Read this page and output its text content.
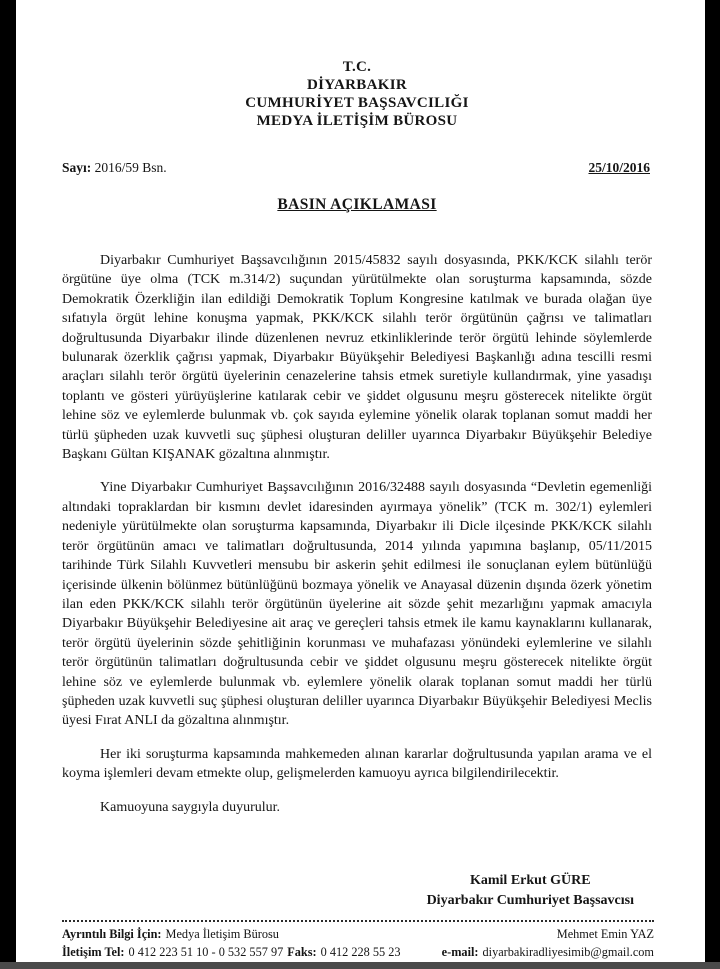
T.C.
DİYARBAKIR
CUMHURİYET BAŞSAVCILIĞI
MEDYA İLETİŞİM BÜROSU
Sayı: 2016/59 Bsn.	25/10/2016
BASIN AÇIKLAMASI

Diyarbakır Cumhuriyet Başsavcılığının 2015/45832 sayılı dosyasında, PKK/KCK silahlı terör örgütüne üye olma (TCK m.314/2) suçundan yürütülmekte olan soruşturma kapsamında, sözde Demokratik Özerkliğin ilan edildiği Demokratik Toplum Kongresine katılmak ve burada olağan üye sıfatıyla örgüt lehine konuşma yapmak, PKK/KCK silahlı terör örgütünün çağrısı ve talimatları doğrultusunda Diyarbakır ilinde düzenlenen nevruz etkinliklerinde terör örgütü lehinde söylemlerde bulunarak özerklik çağrısı yapmak, Diyarbakır Büyükşehir Belediyesi Başkanlığı adına tescilli resmi araçları silahlı terör örgütü üyelerinin cenazelerine tahsis etmek suretiyle kullandırmak, yine yasadışı toplantı ve gösteri yürüyüşlerine katılarak cebir ve şiddet olgusunu meşru gösterecek nitelikte örgüt lehine söz ve eylemlerde bulunmak vb. çok sayıda eylemine yönelik olarak toplanan somut maddi her türlü şüpheden uzak kuvvetli suç şüphesi oluşturan deliller uyarınca Diyarbakır Büyükşehir Belediye Başkanı Gültan KIŞANAK gözaltına alınmıştır.

Yine Diyarbakır Cumhuriyet Başsavcılığının 2016/32488 sayılı dosyasında “Devletin egemenliği altındaki topraklardan bir kısmını devlet idaresinden ayırmaya yönelik” (TCK m. 302/1) eylemleri nedeniyle yürütülmekte olan soruşturma kapsamında, Diyarbakır ili Dicle ilçesinde PKK/KCK silahlı terör örgütünün amacı ve talimatları doğrultusunda, 2014 yılında yapımına başlanıp, 05/11/2015 tarihinde Türk Silahlı Kuvvetleri mensubu bir askerin şehit edilmesi ile sonuçlanan eylem bütünlüğü içerisinde ülkenin bölünmez bütünlüğünü bozmaya yönelik ve Anayasal düzenin dışında özerk yönetim ilan eden PKK/KCK silahlı terör örgütünün üyelerine ait sözde şehit mezarlığını yapmak amacıyla Diyarbakır Büyükşehir Belediyesine ait araç ve gereçleri tahsis etmek ile kamu kaynaklarını kullanarak, terör örgütü üyelerinin sözde şehitliğinin korunması ve muhafazası yönündeki eylemlerine ve silahlı terör örgütünün talimatları doğrultusunda cebir ve şiddet olgusunu meşru gösterecek nitelikte örgüt lehine söz ve eylemlerde bulunmak vb. eylemlere yönelik olarak toplanan somut maddi her türlü şüpheden uzak kuvvetli suç şüphesi oluşturan deliller uyarınca Diyarbakır Büyükşehir Belediyesi Meclis üyesi Fırat ANLI da gözaltına alınmıştır.

Her iki soruşturma kapsamında mahkemeden alınan kararlar doğrultusunda yapılan arama ve el koyma işlemleri devam etmekte olup, gelişmelerden kamuoyu ayrıca bilgilendirilecektir.

Kamuoyuna saygıyla duyurulur.

Kamil Erkut GÜRE
Diyarbakır Cumhuriyet Başsavcısı
Ayrıntılı Bilgi İçin: Medya İletişim Bürosu	Mehmet Emin YAZ
İletişim Tel: 0 412 223 51 10 - 0 532 557 97 Faks: 0 412 228 55 23	e-mail: diyarbakiradliyesimib@gmail.com
